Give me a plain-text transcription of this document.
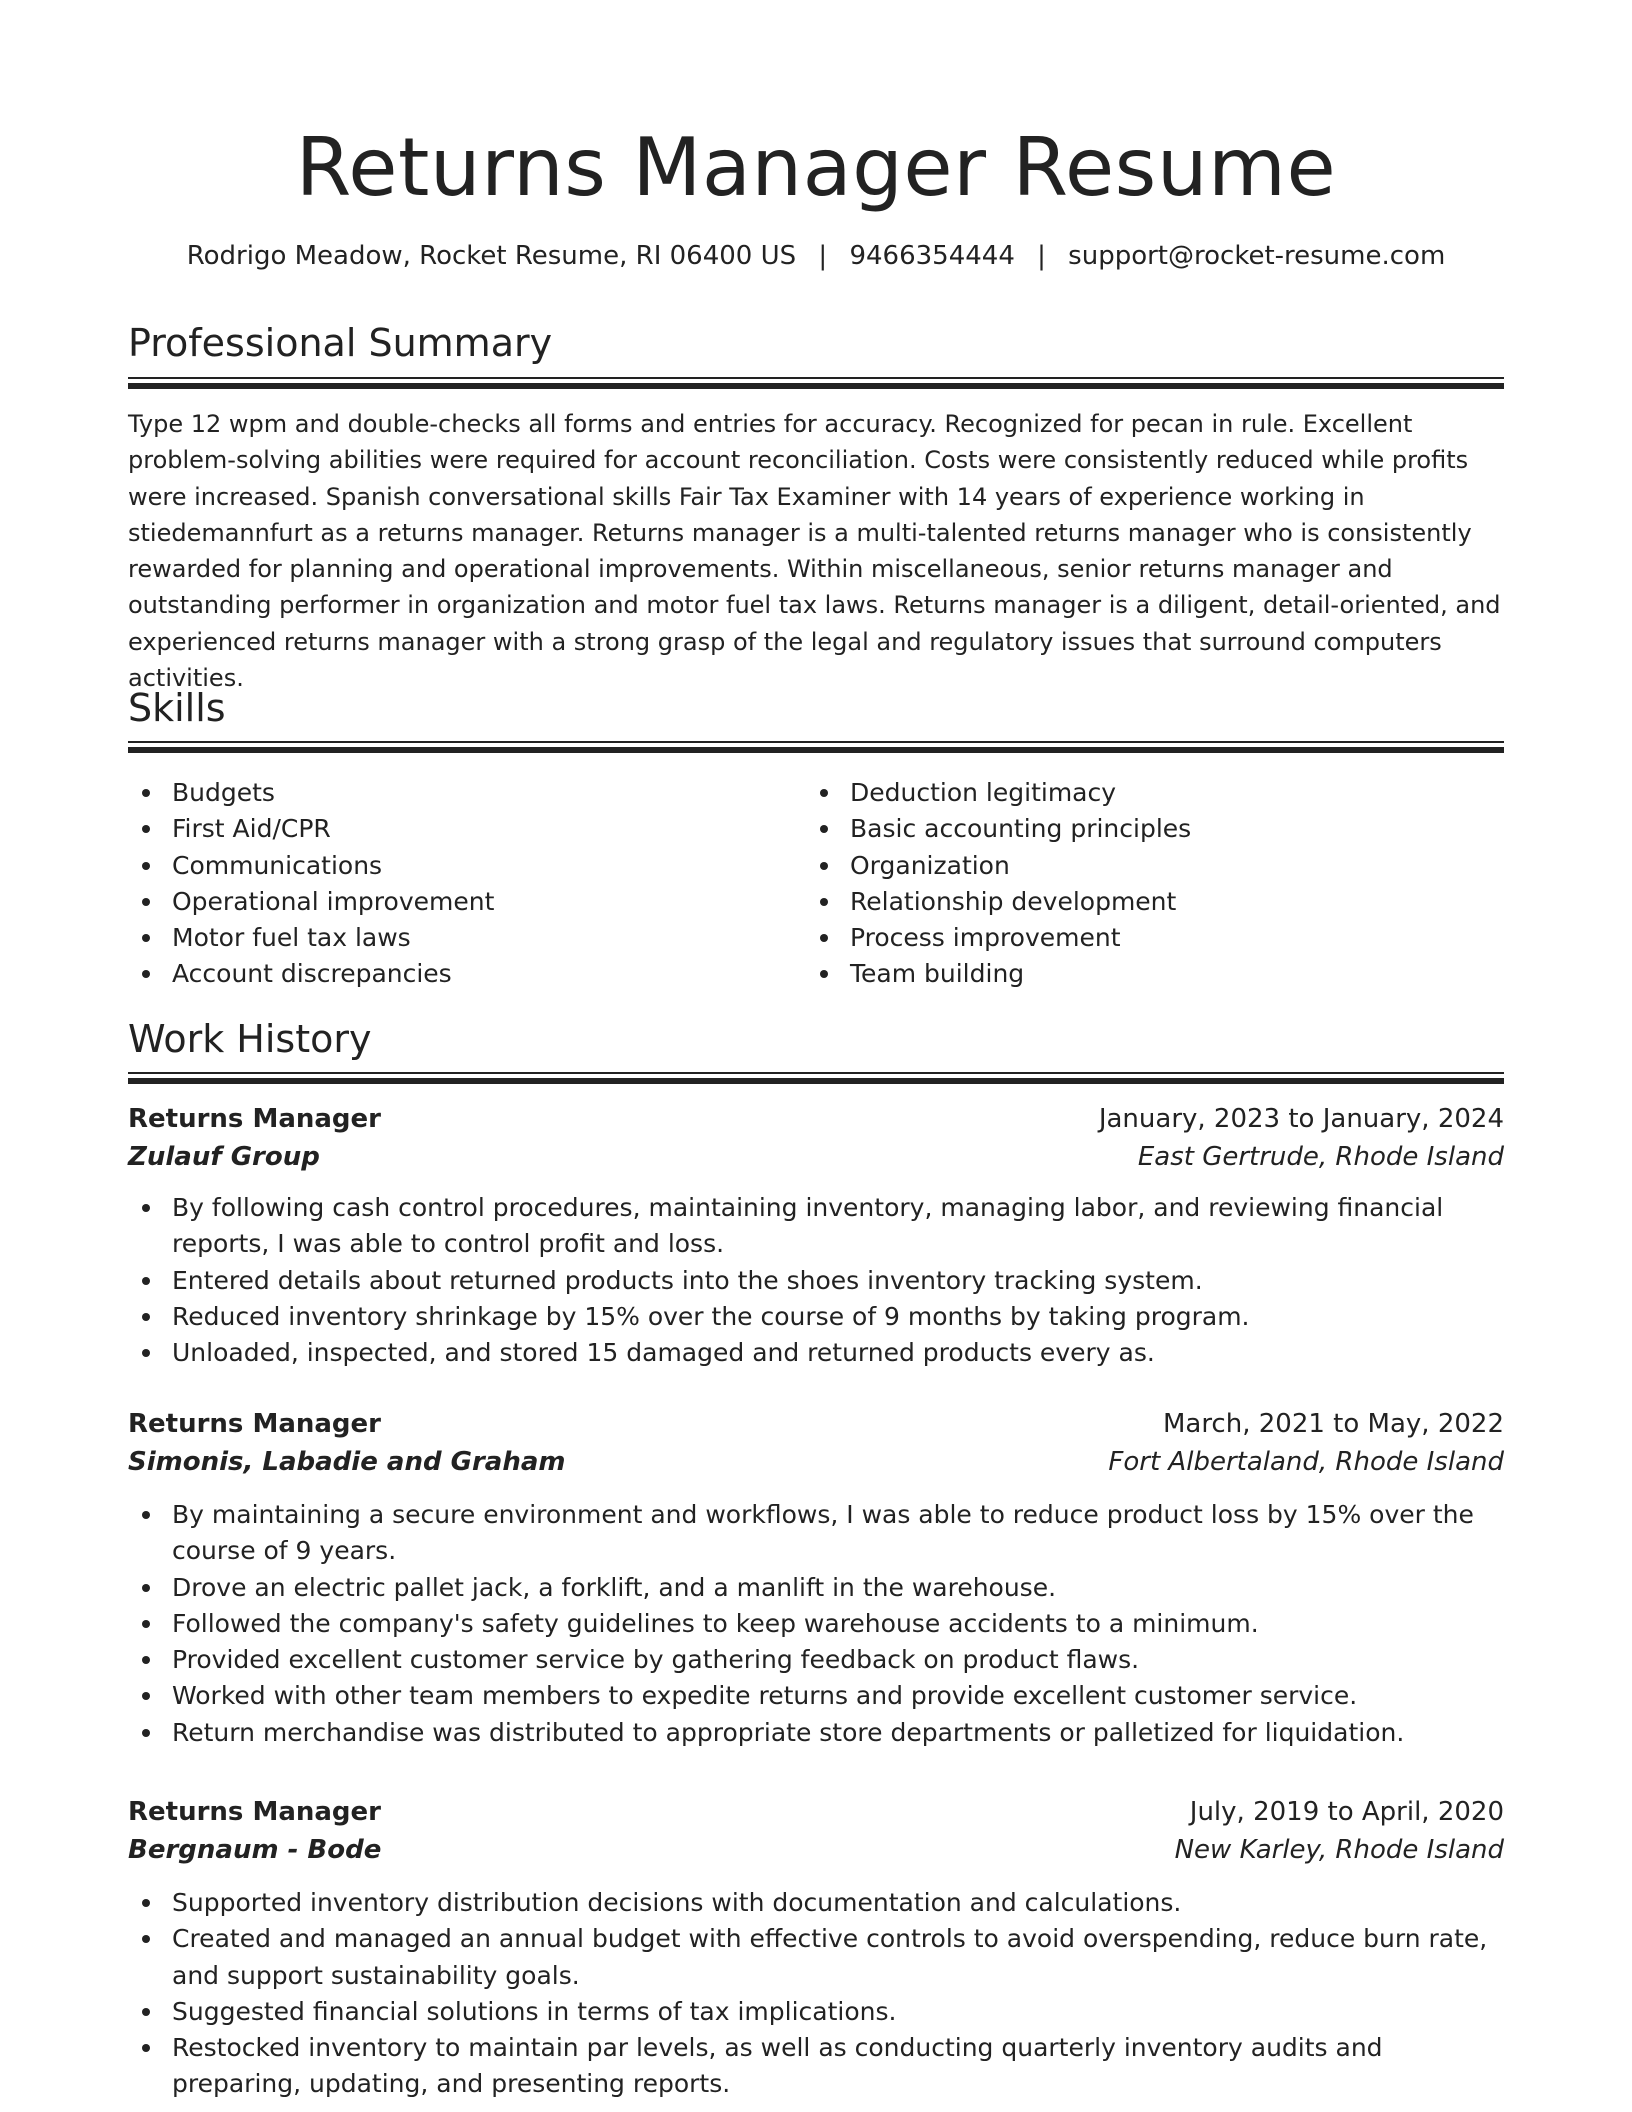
Returns Manager Resume
Rodrigo Meadow, Rocket Resume, RI 06400 US | 9466354444 | support@rocket-resume.com
Professional Summary

Type 12 wpm and double-checks all forms and entries for accuracy. Recognized for pecan in rule. Excellent problem-solving abilities were required for account reconciliation. Costs were consistently reduced while profits were increased. Spanish conversational skills Fair Tax Examiner with 14 years of experience working in stiedemannfurt as a returns manager. Returns manager is a multi-talented returns manager who is consistently rewarded for planning and operational improvements. Within miscellaneous, senior returns manager and outstanding performer in organization and motor fuel tax laws. Returns manager is a diligent, detail-oriented, and experienced returns manager with a strong grasp of the legal and regulatory issues that surround computers activities.

Skills
Budgets
First Aid/CPR
Communications
Operational improvement
Motor fuel tax laws
Account discrepancies
Deduction legitimacy
Basic accounting principles
Organization
Relationship development
Process improvement
Team building
Work History
Returns Manager	January, 2023 to January, 2024
Zulauf Group	East Gertrude, Rhode Island
By following cash control procedures, maintaining inventory, managing labor, and reviewing financial reports, I was able to control profit and loss.
Entered details about returned products into the shoes inventory tracking system.
Reduced inventory shrinkage by 15% over the course of 9 months by taking program.
Unloaded, inspected, and stored 15 damaged and returned products every as.
Returns Manager	March, 2021 to May, 2022
Simonis, Labadie and Graham	Fort Albertaland, Rhode Island
By maintaining a secure environment and workflows, I was able to reduce product loss by 15% over the course of 9 years.
Drove an electric pallet jack, a forklift, and a manlift in the warehouse.
Followed the company's safety guidelines to keep warehouse accidents to a minimum.
Provided excellent customer service by gathering feedback on product flaws.
Worked with other team members to expedite returns and provide excellent customer service.
Return merchandise was distributed to appropriate store departments or palletized for liquidation.
Returns Manager	July, 2019 to April, 2020
Bergnaum - Bode	New Karley, Rhode Island
Supported inventory distribution decisions with documentation and calculations.
Created and managed an annual budget with effective controls to avoid overspending, reduce burn rate, and support sustainability goals.
Suggested financial solutions in terms of tax implications.
Restocked inventory to maintain par levels, as well as conducting quarterly inventory audits and preparing, updating, and presenting reports.
